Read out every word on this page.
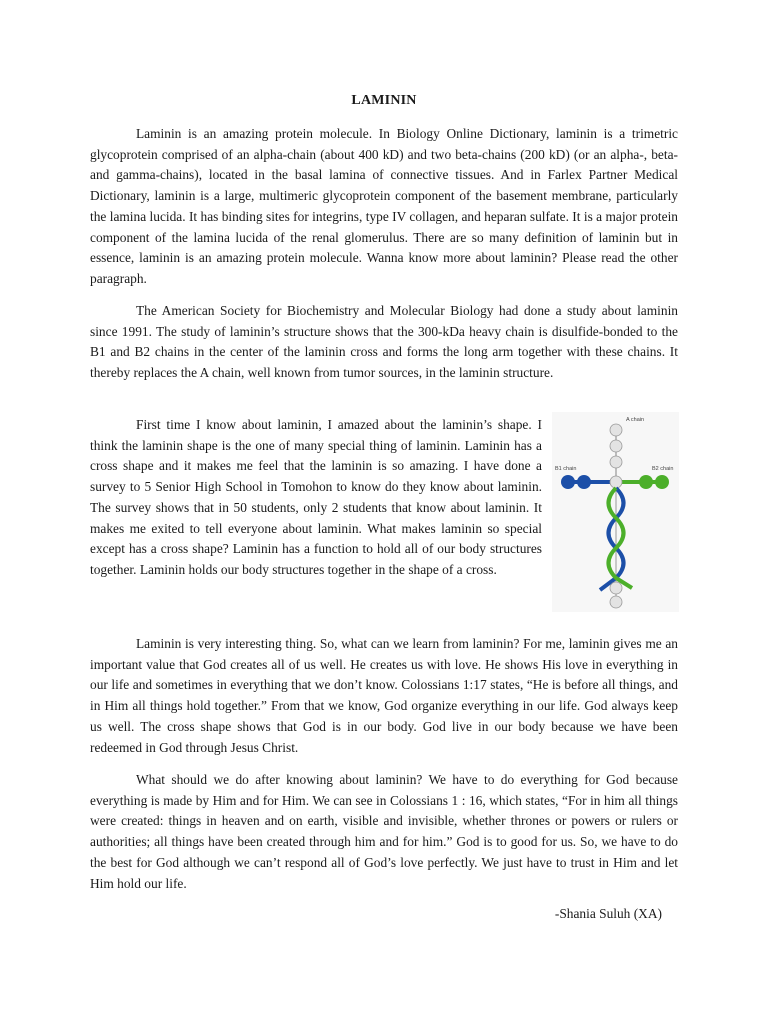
LAMININ

Laminin is an amazing protein molecule. In Biology Online Dictionary, laminin is a trimetric glycoprotein comprised of an alpha-chain (about 400 kD) and two beta-chains (200 kD) (or an alpha-, beta- and gamma-chains), located in the basal lamina of connective tissues. And in Farlex Partner Medical Dictionary, laminin is a large, multimeric glycoprotein component of the basement membrane, particularly the lamina lucida. It has binding sites for integrins, type IV collagen, and heparan sulfate. It is a major protein component of the lamina lucida of the renal glomerulus. There are so many definition of laminin but in essence, laminin is an amazing protein molecule. Wanna know more about laminin? Please read the other paragraph.

The American Society for Biochemistry and Molecular Biology had done a study about laminin since 1991. The study of laminin’s structure shows that the 300-kDa heavy chain is disulfide-bonded to the B1 and B2 chains in the center of the laminin cross and forms the long arm together with these chains. It thereby replaces the A chain, well known from tumor sources, in the laminin structure.

First time I know about laminin, I amazed about the laminin’s shape. I think the laminin shape is the one of many special thing of laminin. Laminin has a cross shape and it makes me feel that the laminin is so amazing. I have done a survey to 5 Senior High School in Tomohon to know do they know about laminin. The survey shows that in 50 students, only 2 students that know about laminin. It makes me exited to tell everyone about laminin. What makes laminin so special except has a cross shape? Laminin has a function to hold all of our body structures together. Laminin holds our body structures together in the shape of a cross.

A chain
B1 chain	B2 chain

Laminin is very interesting thing. So, what can we learn from laminin? For me, laminin gives me an important value that God creates all of us well. He creates us with love. He shows His love in everything in our life and sometimes in everything that we don’t know. Colossians 1:17 states, “He is before all things, and in Him all things hold together.” From that we know, God organize everything in our life. God always keep us well. The cross shape shows that God is in our body. God live in our body because we have been redeemed in God through Jesus Christ.

What should we do after knowing about laminin? We have to do everything for God because everything is made by Him and for Him. We can see in Colossians 1 : 16, which states, “For in him all things were created: things in heaven and on earth, visible and invisible, whether thrones or powers or rulers or authorities; all things have been created through him and for him.” God is to good for us. So, we have to do the best for God although we can’t respond all of God’s love perfectly. We just have to trust in Him and let Him hold our life.

-Shania Suluh (XA)
